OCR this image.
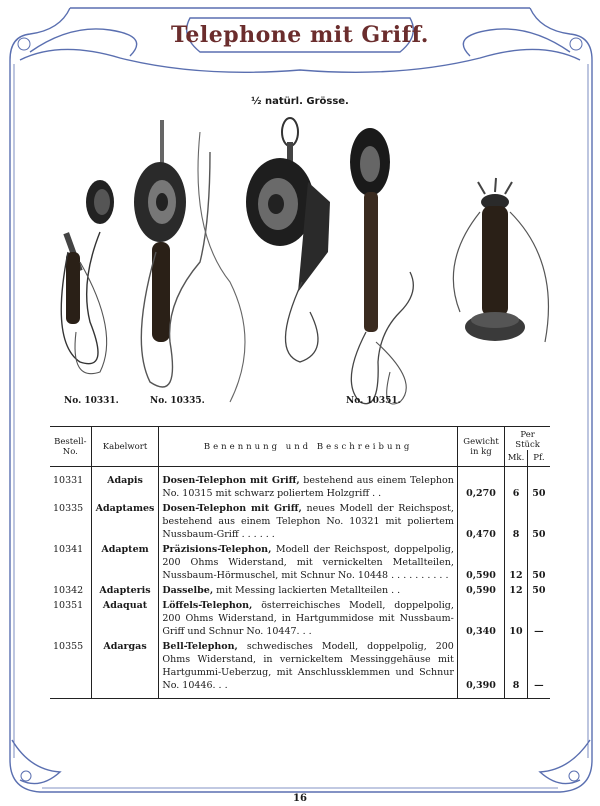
Telephone mit Griff.
½ natürl. Grösse.
No. 10331.	No. 10335.	No. 10351.
Bestell-
No.	Kabelwort	Benennung und Beschreibung	Gewicht
in kg	Per Stück	
				Mk.	Pf.

10331	Adapis	Dosen-Telephon mit Griff, bestehend aus einem Telephon No. 10315 mit schwarz poliertem Holzgriff . .	0,270	6	50
10335	Adaptames	Dosen-Telephon mit Griff, neues Modell der Reichspost, bestehend aus einem Telephon No. 10321 mit poliertem Nussbaum-Griff . . . . . .	0,470	8	50
10341	Adaptem	Präzisions-Telephon, Modell der Reichspost, doppelpolig, 200 Ohms Widerstand, mit vernickelten Metallteilen, Nussbaum-Hörmuschel, mit Schnur No. 10448 . . . . . . . . . .	0,590	12	50
10342	Adapteris	Dasselbe, mit Messing lackierten Metallteilen . .	0,590	12	50
10351	Adaquat	Löffels-Telephon, österreichisches Modell, doppelpolig, 200 Ohms Widerstand, in Hartgummidose mit Nussbaum-Griff und Schnur No. 10447. . .	0,340	10	—
10355	Adargas	Bell-Telephon, schwedisches Modell, doppelpolig, 200 Ohms Widerstand, in vernickeltem Messinggehäuse mit Hartgummi-Ueberzug, mit Anschlussklemmen und Schnur No. 10446. . .	0,390	8	—

16
